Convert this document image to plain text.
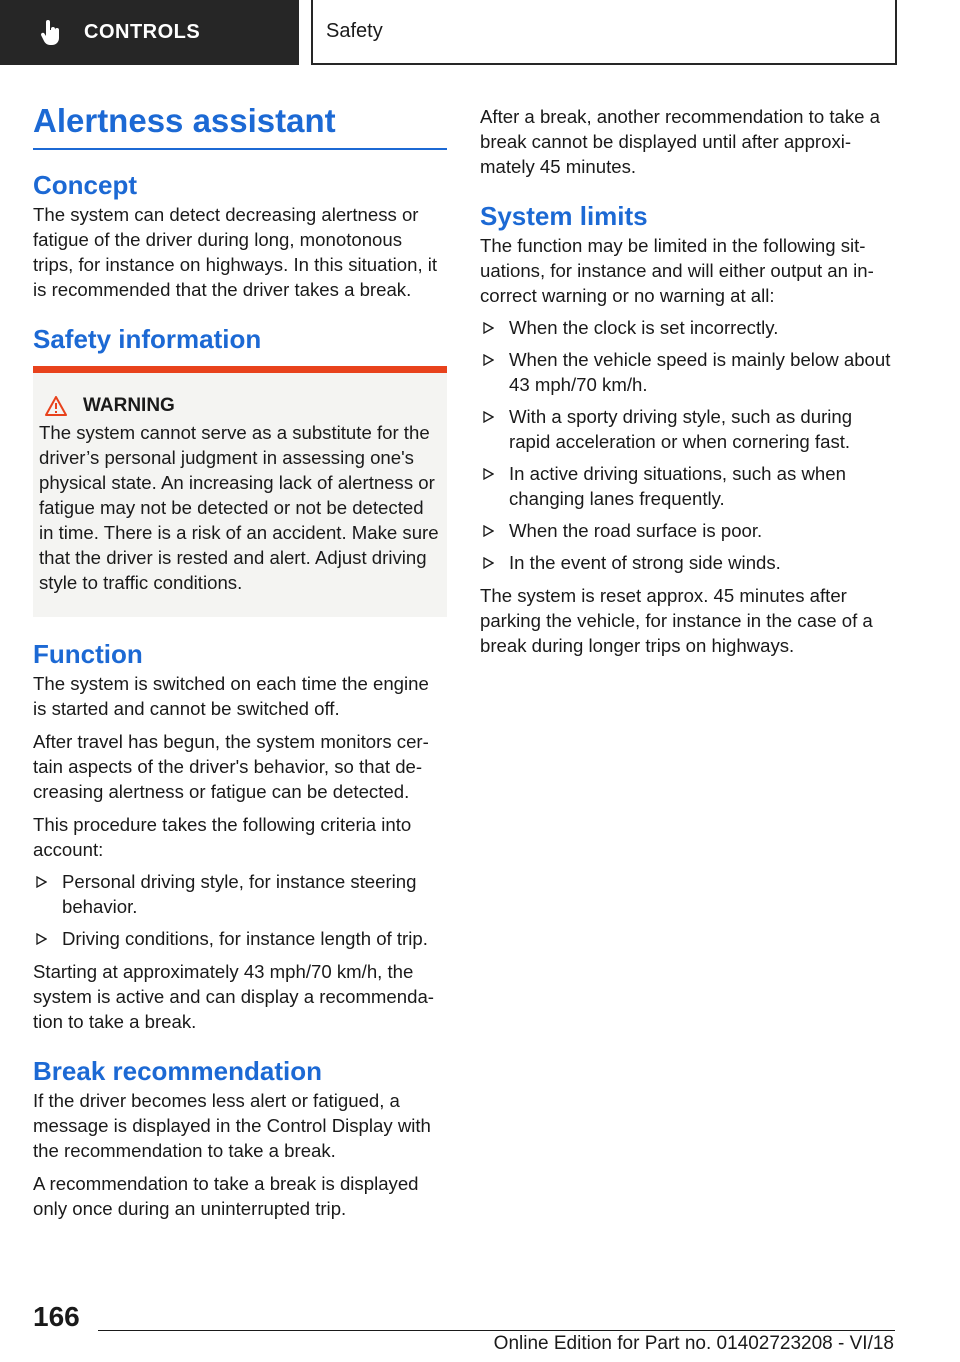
CONTROLS	Safety
Alertness assistant
Concept

The system can detect decreasing alertness or fatigue of the driver during long, monotonous trips, for instance on highways. In this situation, it is recommended that the driver takes a break.

Safety information
WARNING

The system cannot serve as a substitute for the driver’s personal judgment in assessing one's physical state. An increasing lack of alertness or fatigue may not be detected or not be detected in time. There is a risk of an accident. Make sure that the driver is rested and alert. Adjust driving style to traffic conditions.

Function

The system is switched on each time the engine is started and cannot be switched off.

After travel has begun, the system monitors cer- tain aspects of the driver's behavior, so that de- creasing alertness or fatigue can be detected.

This procedure takes the following criteria into account:

Personal driving style, for instance steering behavior.
Driving conditions, for instance length of trip.

Starting at approximately 43 mph/70 km/h, the system is active and can display a recommenda- tion to take a break.

Break recommendation

If the driver becomes less alert or fatigued, a message is displayed in the Control Display with the recommendation to take a break.

A recommendation to take a break is displayed only once during an uninterrupted trip.

After a break, another recommendation to take a break cannot be displayed until after approxi- mately 45 minutes.

System limits

The function may be limited in the following sit- uations, for instance and will either output an in- correct warning or no warning at all:

When the clock is set incorrectly.
When the vehicle speed is mainly below about 43 mph/70 km/h.
With a sporty driving style, such as during rapid acceleration or when cornering fast.
In active driving situations, such as when changing lanes frequently.
When the road surface is poor.
In the event of strong side winds.

The system is reset approx. 45 minutes after parking the vehicle, for instance in the case of a break during longer trips on highways.

166
Online Edition for Part no. 01402723208 - VI/18
